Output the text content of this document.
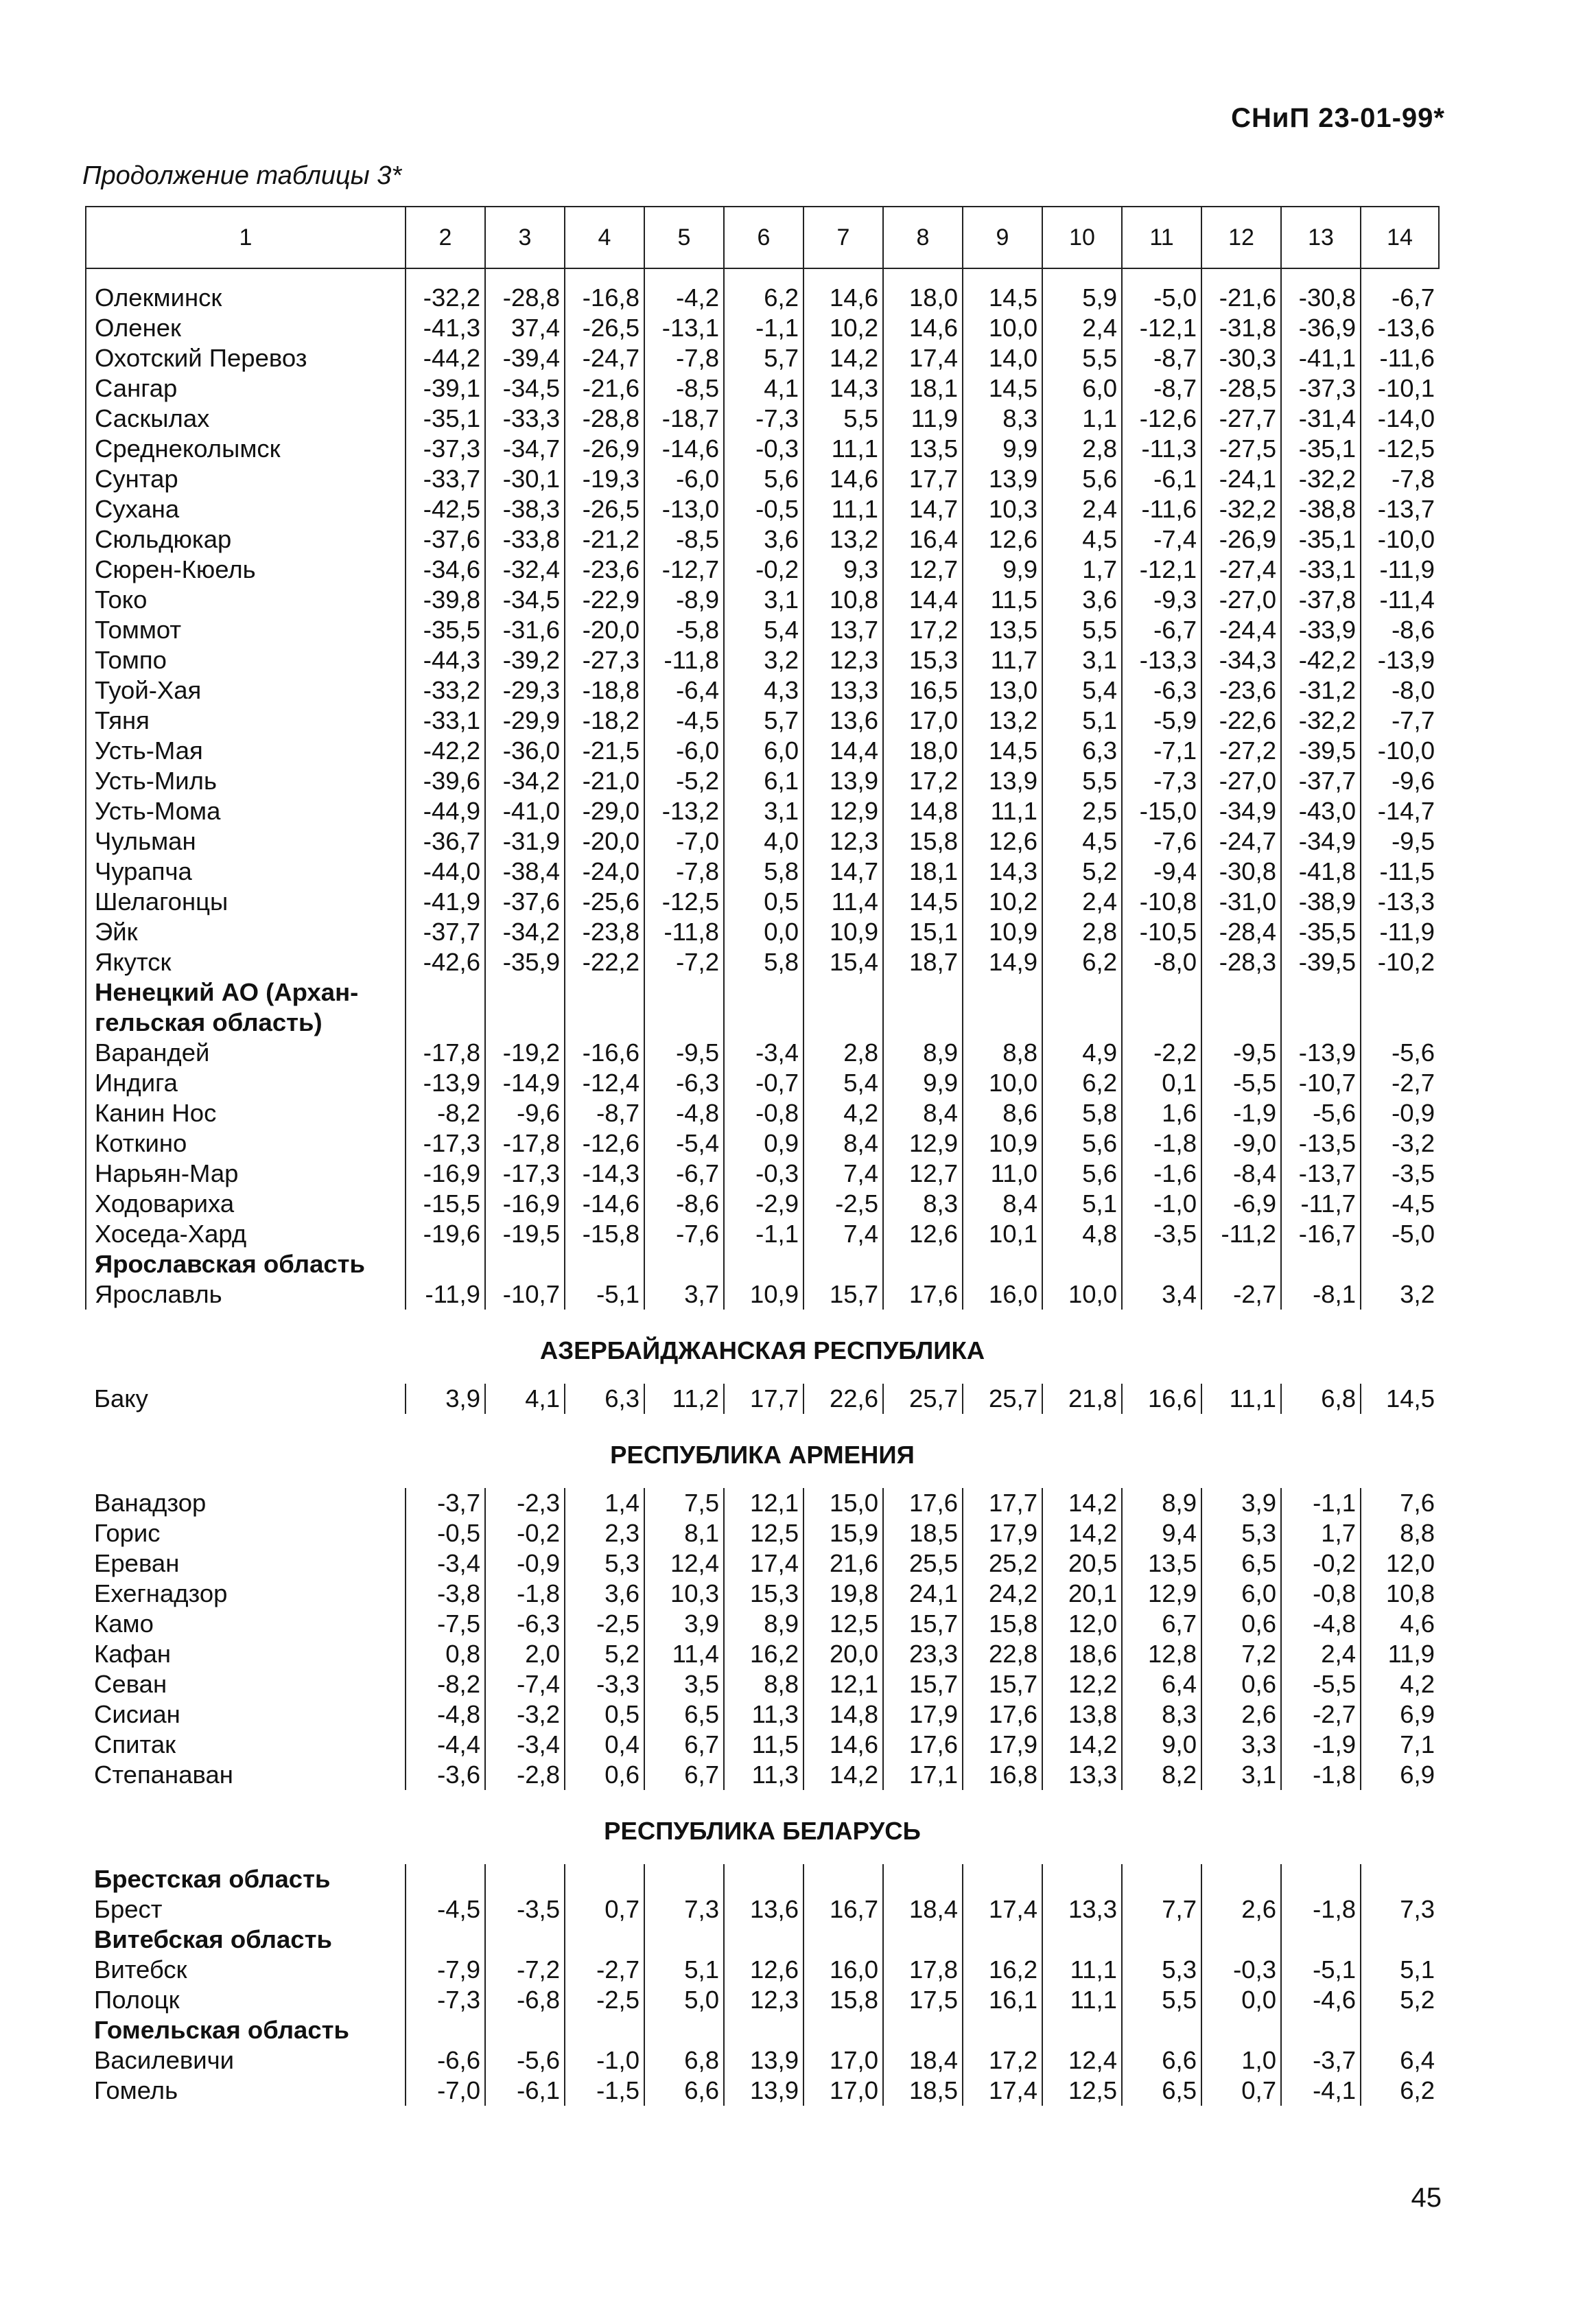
СНиП 23-01-99*
Продолжение таблицы 3*
1	2	3	4	5	6	7	8	9	10	11	12	13	14
Олекминск	-32,2	-28,8	-16,8	-4,2	6,2	14,6	18,0	14,5	5,9	-5,0	-21,6	-30,8	-6,7
Оленек	-41,3	37,4	-26,5	-13,1	-1,1	10,2	14,6	10,0	2,4	-12,1	-31,8	-36,9	-13,6
Охотский Перевоз	-44,2	-39,4	-24,7	-7,8	5,7	14,2	17,4	14,0	5,5	-8,7	-30,3	-41,1	-11,6
Сангар	-39,1	-34,5	-21,6	-8,5	4,1	14,3	18,1	14,5	6,0	-8,7	-28,5	-37,3	-10,1
Саскылах	-35,1	-33,3	-28,8	-18,7	-7,3	5,5	11,9	8,3	1,1	-12,6	-27,7	-31,4	-14,0
Среднеколымск	-37,3	-34,7	-26,9	-14,6	-0,3	11,1	13,5	9,9	2,8	-11,3	-27,5	-35,1	-12,5
Сунтар	-33,7	-30,1	-19,3	-6,0	5,6	14,6	17,7	13,9	5,6	-6,1	-24,1	-32,2	-7,8
Сухана	-42,5	-38,3	-26,5	-13,0	-0,5	11,1	14,7	10,3	2,4	-11,6	-32,2	-38,8	-13,7
Сюльдюкар	-37,6	-33,8	-21,2	-8,5	3,6	13,2	16,4	12,6	4,5	-7,4	-26,9	-35,1	-10,0
Сюрен-Кюель	-34,6	-32,4	-23,6	-12,7	-0,2	9,3	12,7	9,9	1,7	-12,1	-27,4	-33,1	-11,9
Токо	-39,8	-34,5	-22,9	-8,9	3,1	10,8	14,4	11,5	3,6	-9,3	-27,0	-37,8	-11,4
Томмот	-35,5	-31,6	-20,0	-5,8	5,4	13,7	17,2	13,5	5,5	-6,7	-24,4	-33,9	-8,6
Томпо	-44,3	-39,2	-27,3	-11,8	3,2	12,3	15,3	11,7	3,1	-13,3	-34,3	-42,2	-13,9
Туой-Хая	-33,2	-29,3	-18,8	-6,4	4,3	13,3	16,5	13,0	5,4	-6,3	-23,6	-31,2	-8,0
Тяня	-33,1	-29,9	-18,2	-4,5	5,7	13,6	17,0	13,2	5,1	-5,9	-22,6	-32,2	-7,7
Усть-Мая	-42,2	-36,0	-21,5	-6,0	6,0	14,4	18,0	14,5	6,3	-7,1	-27,2	-39,5	-10,0
Усть-Миль	-39,6	-34,2	-21,0	-5,2	6,1	13,9	17,2	13,9	5,5	-7,3	-27,0	-37,7	-9,6
Усть-Мома	-44,9	-41,0	-29,0	-13,2	3,1	12,9	14,8	11,1	2,5	-15,0	-34,9	-43,0	-14,7
Чульман	-36,7	-31,9	-20,0	-7,0	4,0	12,3	15,8	12,6	4,5	-7,6	-24,7	-34,9	-9,5
Чурапча	-44,0	-38,4	-24,0	-7,8	5,8	14,7	18,1	14,3	5,2	-9,4	-30,8	-41,8	-11,5
Шелагонцы	-41,9	-37,6	-25,6	-12,5	0,5	11,4	14,5	10,2	2,4	-10,8	-31,0	-38,9	-13,3
Эйк	-37,7	-34,2	-23,8	-11,8	0,0	10,9	15,1	10,9	2,8	-10,5	-28,4	-35,5	-11,9
Якутск	-42,6	-35,9	-22,2	-7,2	5,8	15,4	18,7	14,9	6,2	-8,0	-28,3	-39,5	-10,2
Ненецкий АО (Архан-													
гельская область)													
Варандей	-17,8	-19,2	-16,6	-9,5	-3,4	2,8	8,9	8,8	4,9	-2,2	-9,5	-13,9	-5,6
Индига	-13,9	-14,9	-12,4	-6,3	-0,7	5,4	9,9	10,0	6,2	0,1	-5,5	-10,7	-2,7
Канин Нос	-8,2	-9,6	-8,7	-4,8	-0,8	4,2	8,4	8,6	5,8	1,6	-1,9	-5,6	-0,9
Коткино	-17,3	-17,8	-12,6	-5,4	0,9	8,4	12,9	10,9	5,6	-1,8	-9,0	-13,5	-3,2
Нарьян-Мар	-16,9	-17,3	-14,3	-6,7	-0,3	7,4	12,7	11,0	5,6	-1,6	-8,4	-13,7	-3,5
Ходовариха	-15,5	-16,9	-14,6	-8,6	-2,9	-2,5	8,3	8,4	5,1	-1,0	-6,9	-11,7	-4,5
Хоседа-Хард	-19,6	-19,5	-15,8	-7,6	-1,1	7,4	12,6	10,1	4,8	-3,5	-11,2	-16,7	-5,0
Ярославская область													
Ярославль	-11,9	-10,7	-5,1	3,7	10,9	15,7	17,6	16,0	10,0	3,4	-2,7	-8,1	3,2
АЗЕРБАЙДЖАНСКАЯ РЕСПУБЛИКА													
Баку	3,9	4,1	6,3	11,2	17,7	22,6	25,7	25,7	21,8	16,6	11,1	6,8	14,5
РЕСПУБЛИКА АРМЕНИЯ													
Ванадзор	-3,7	-2,3	1,4	7,5	12,1	15,0	17,6	17,7	14,2	8,9	3,9	-1,1	7,6
Горис	-0,5	-0,2	2,3	8,1	12,5	15,9	18,5	17,9	14,2	9,4	5,3	1,7	8,8
Ереван	-3,4	-0,9	5,3	12,4	17,4	21,6	25,5	25,2	20,5	13,5	6,5	-0,2	12,0
Ехегнадзор	-3,8	-1,8	3,6	10,3	15,3	19,8	24,1	24,2	20,1	12,9	6,0	-0,8	10,8
Камо	-7,5	-6,3	-2,5	3,9	8,9	12,5	15,7	15,8	12,0	6,7	0,6	-4,8	4,6
Кафан	0,8	2,0	5,2	11,4	16,2	20,0	23,3	22,8	18,6	12,8	7,2	2,4	11,9
Севан	-8,2	-7,4	-3,3	3,5	8,8	12,1	15,7	15,7	12,2	6,4	0,6	-5,5	4,2
Сисиан	-4,8	-3,2	0,5	6,5	11,3	14,8	17,9	17,6	13,8	8,3	2,6	-2,7	6,9
Спитак	-4,4	-3,4	0,4	6,7	11,5	14,6	17,6	17,9	14,2	9,0	3,3	-1,9	7,1
Степанаван	-3,6	-2,8	0,6	6,7	11,3	14,2	17,1	16,8	13,3	8,2	3,1	-1,8	6,9
РЕСПУБЛИКА БЕЛАРУСЬ													
Брестская область													
Брест	-4,5	-3,5	0,7	7,3	13,6	16,7	18,4	17,4	13,3	7,7	2,6	-1,8	7,3
Витебская область													
Витебск	-7,9	-7,2	-2,7	5,1	12,6	16,0	17,8	16,2	11,1	5,3	-0,3	-5,1	5,1
Полоцк	-7,3	-6,8	-2,5	5,0	12,3	15,8	17,5	16,1	11,1	5,5	0,0	-4,6	5,2
Гомельская область													
Василевичи	-6,6	-5,6	-1,0	6,8	13,9	17,0	18,4	17,2	12,4	6,6	1,0	-3,7	6,4
Гомель	-7,0	-6,1	-1,5	6,6	13,9	17,0	18,5	17,4	12,5	6,5	0,7	-4,1	6,2
45
